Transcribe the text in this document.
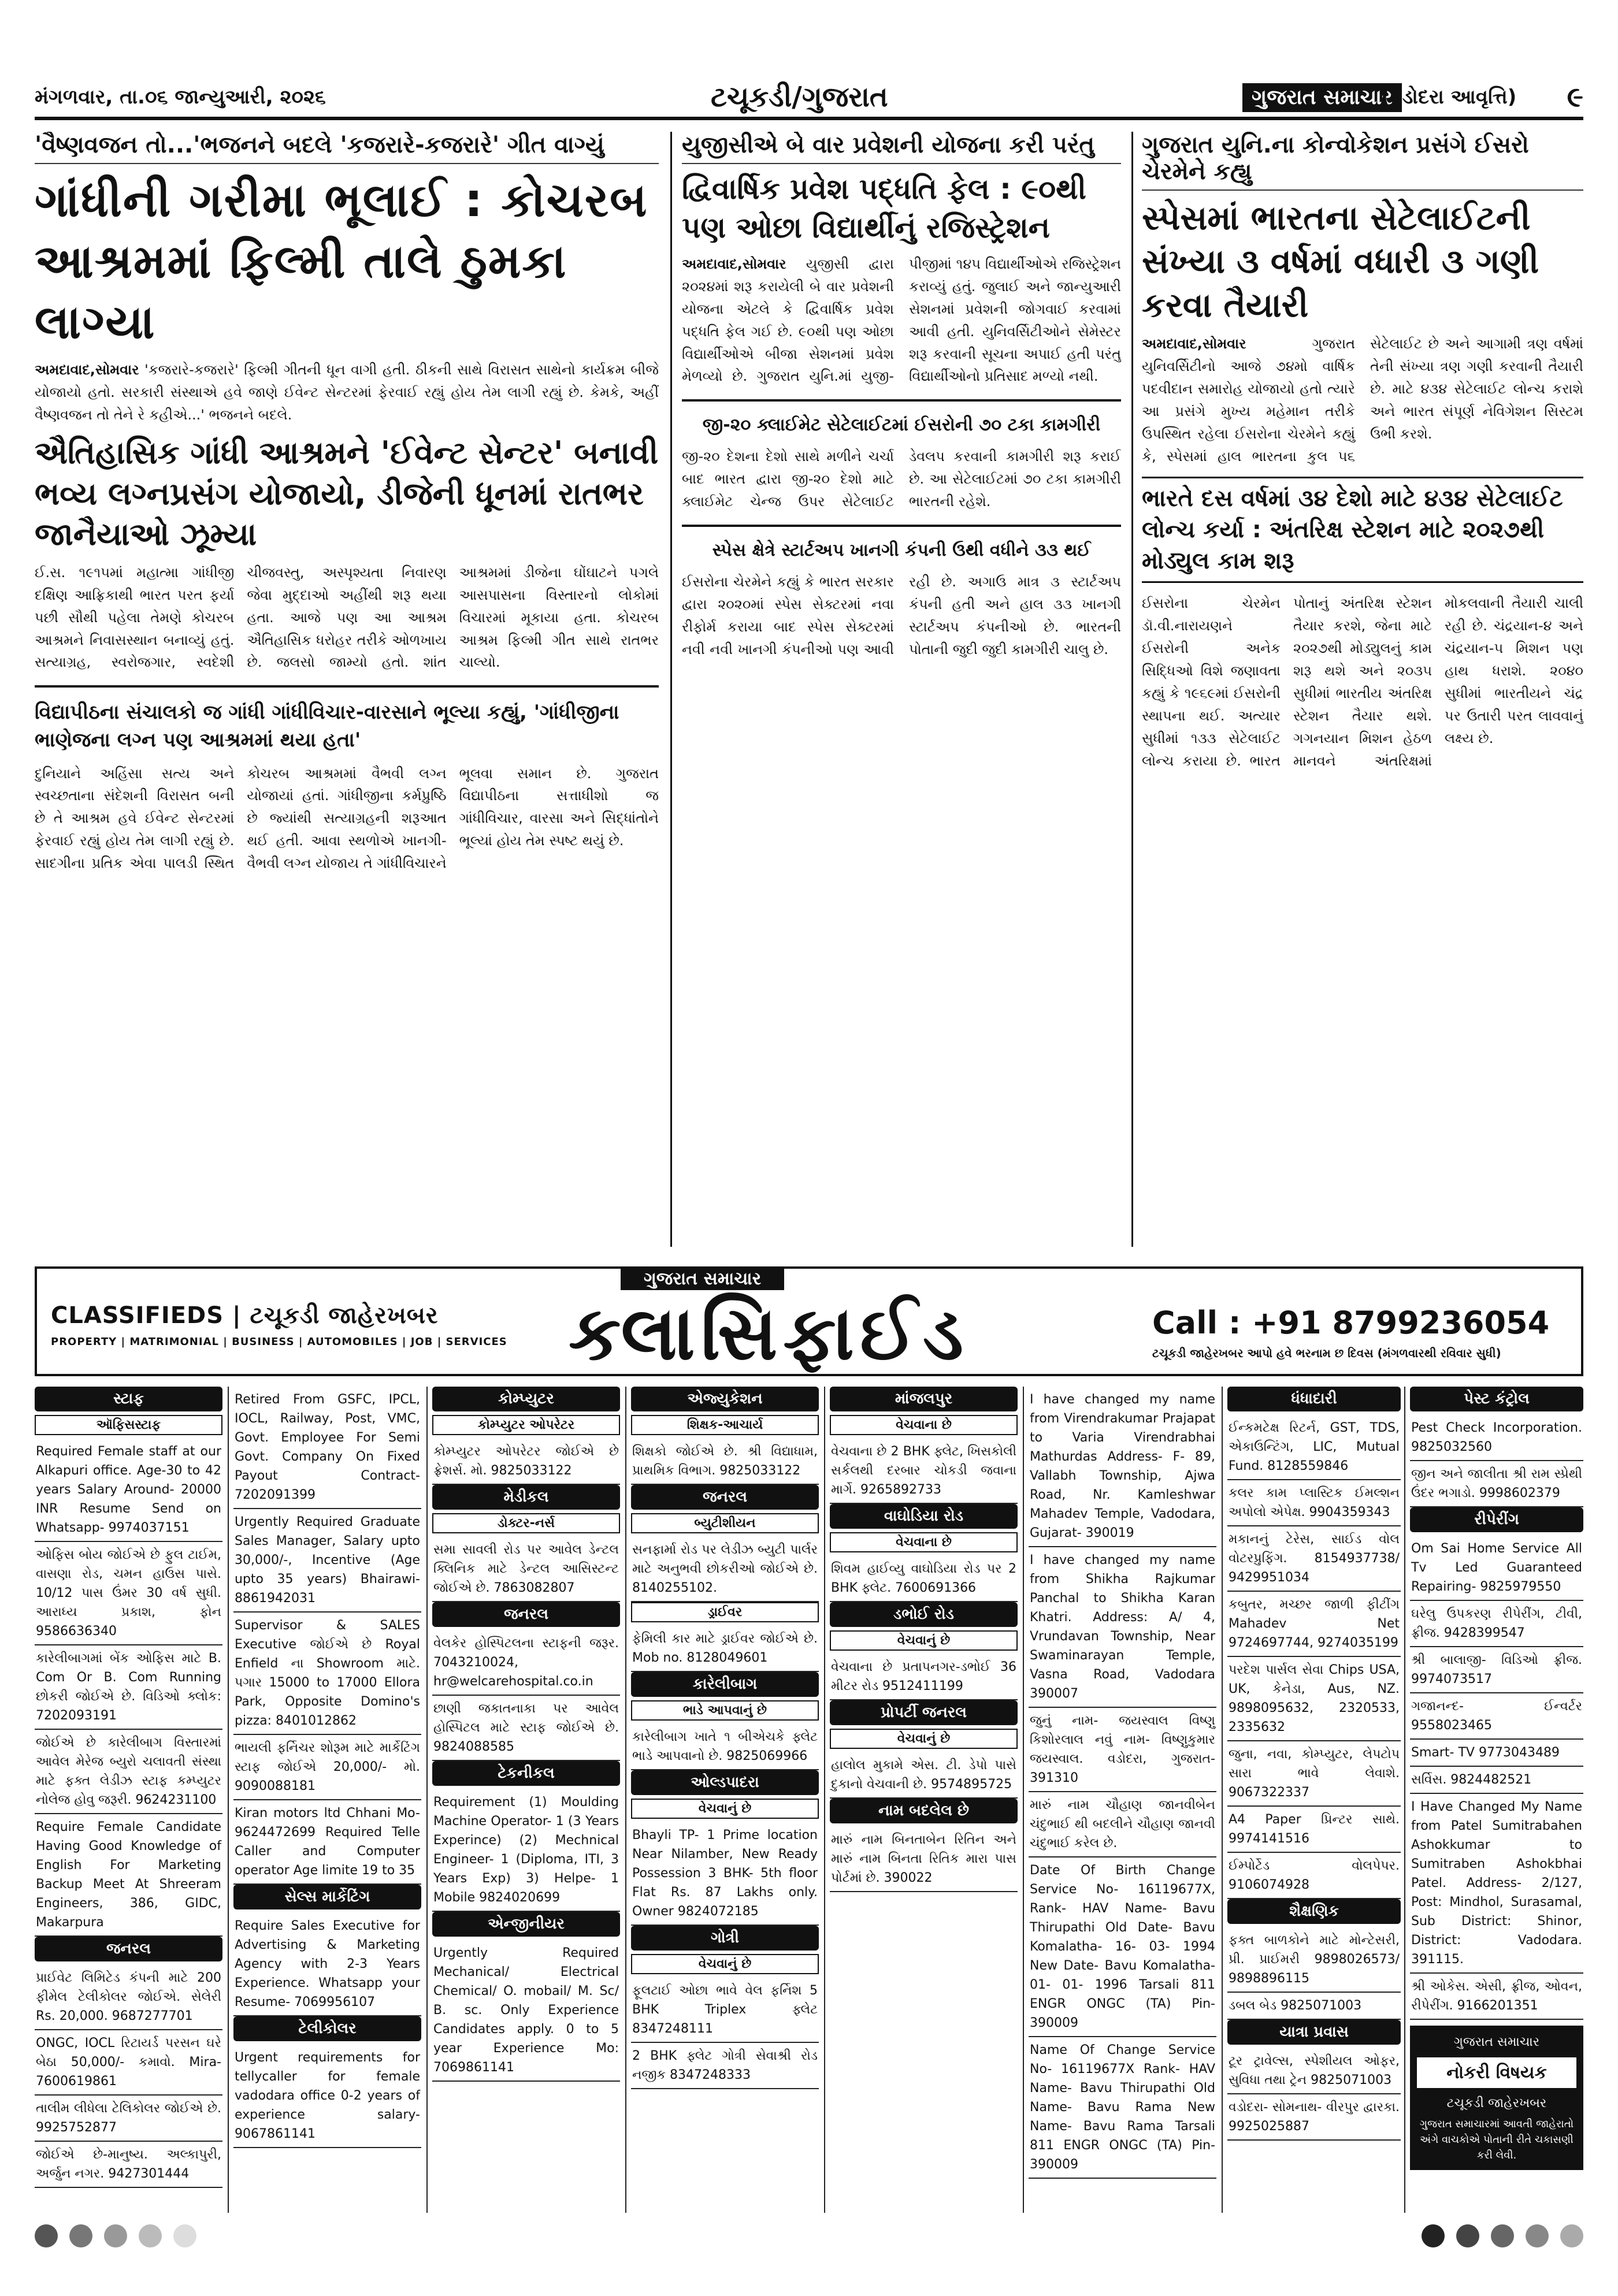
મંગળવાર, તા.૦૬ જાન્યુઆરી, ૨૦૨૬	ટચૂકડી/ગુજરાત	ગુજરાત સમાચાર
(વડોદરા આવૃત્તિ) ૯
'વૈષ્ણવજન તો...'ભજનને બદલે 'કજરારે-કજરારે' ગીત વાગ્યું
ગાંધીની ગરીમા ભૂલાઈ : કોચરબ આશ્રમમાં ફિલ્મી તાલે ઠુમકા લાગ્યા
અમદાવાદ,સોમવાર 'કજરારે-કજરારે' ફિલ્મી ગીતની ધૂન વાગી હતી. ઠીકની સાથે વિરાસત સાથેનો કાર્યક્રમ બીજે યોજાયો હતો. સરકારી સંસ્થાએ હવે જાણે ઈવેન્ટ સેન્ટરમાં ફેરવાઈ રહ્યું હોય તેમ લાગી રહ્યું છે. કેમકે, અહીં વૈષ્ણવજન તો તેને રે કહીએ...' ભજનને બદલે.
ઐતિહાસિક ગાંધી આશ્રમને 'ઈવેન્ટ સેન્ટર' બનાવી ભવ્ય લગ્નપ્રસંગ યોજાયો, ડીજેની ધૂનમાં રાતભર જાનૈયાઓ ઝૂમ્યા
ઈ.સ. ૧૯૧૫માં મહાત્મા ગાંધીજી દક્ષિણ આફ્રિકાથી ભારત પરત ફર્યા પછી સૌથી પહેલા તેમણે કોચરબ આશ્રમને નિવાસસ્થાન બનાવ્યું હતું. સત્યાગ્રહ, સ્વરોજગાર, સ્વદેશી ચીજવસ્તુ, અસ્પૃશ્યતા નિવારણ જેવા મુદ્દાઓ અહીંથી શરૂ થયા હતા. આજે પણ આ આશ્રમ ઐતિહાસિક ધરોહર તરીકે ઓળખાય છે. જલસો જામ્યો હતો. શાંત આશ્રમમાં ડીજેના ઘોંઘાટને પગલે આસપાસના વિસ્તારનો લોકોમાં વિચારમાં મૂકાયા હતા. કોચરબ આશ્રમ ફિલ્મી ગીત સાથે રાતભર ચાલ્યો.
વિદ્યાપીઠના સંચાલકો જ ગાંધી ગાંધીવિચાર-વારસાને ભૂલ્યા કહ્યું, 'ગાંધીજીના ભાણેજના લગ્ન પણ આશ્રમમાં થયા હતા'
દુનિયાને અહિંસા સત્ય અને સ્વચ્છતાના સંદેશની વિરાસત બની છે તે આશ્રમ હવે ઈવેન્ટ સેન્ટરમાં ફેરવાઈ રહ્યું હોય તેમ લાગી રહ્યું છે. સાદગીના પ્રતિક એવા પાલડી સ્થિત કોચરબ આશ્રમમાં વૈભવી લગ્ન યોજાયાં હતાં. ગાંધીજીના કર્મપ્રુષ્ઠિ છે જ્યાંથી સત્યાગ્રહની શરૂઆત થઈ હતી. આવા સ્થળોએ ખાનગી-વૈભવી લગ્ન યોજાય તે ગાંધીવિચારને ભૂલવા સમાન છે. ગુજરાત વિદ્યાપીઠના સત્તાધીશો જ ગાંધીવિચાર, વારસા અને સિદ્ધાંતોને ભૂલ્યાં હોય તેમ સ્પષ્ટ થયું છે.
યુજીસીએ બે વાર પ્રવેશની યોજના કરી પરંતુ
દ્વિવાર્ષિક પ્રવેશ પદ્ધતિ ફેલ : ૯૦થી પણ ઓછા વિદ્યાર્થીનું રજિસ્ટ્રેશન
અમદાવાદ,સોમવાર યુજીસી દ્વારા ૨૦૨૪માં શરૂ કરાયેલી બે વાર પ્રવેશની યોજના એટલે કે દ્વિવાર્ષિક પ્રવેશ પદ્ધતિ ફેલ ગઈ છે. ૯૦થી પણ ઓછા વિદ્યાર્થીઓએ બીજા સેશનમાં પ્રવેશ મેળવ્યો છે. ગુજરાત યુનિ.માં યુજી-પીજીમાં ૧૪૫ વિદ્યાર્થીઓએ રજિસ્ટ્રેશન કરાવ્યું હતું. જુલાઈ અને જાન્યુઆરી સેશનમાં પ્રવેશની જોગવાઈ કરવામાં આવી હતી. યુનિવર્સિટીઓને સેમેસ્ટર શરૂ કરવાની સૂચના અપાઈ હતી પરંતુ વિદ્યાર્થીઓનો પ્રતિસાદ મળ્યો નથી.
જી-૨૦ ક્લાઈમેટ સેટેલાઈટમાં ઈસરોની ૭૦ ટકા કામગીરી
જી-૨૦ દેશના દેશો સાથે મળીને ચર્ચા બાદ ભારત દ્વારા જી-૨૦ દેશો માટે ક્લાઈમેટ ચેન્જ ઉપર સેટેલાઈટ ડેવલપ કરવાની કામગીરી શરૂ કરાઈ છે. આ સેટેલાઈટમાં ૭૦ ટકા કામગીરી ભારતની રહેશે.
સ્પેસ ક્ષેત્રે સ્ટાર્ટઅપ ખાનગી કંપની ઉથી વધીને ૩૩ થઈ
ઈસરોના ચેરમેને કહ્યું કે ભારત સરકાર દ્વારા ૨૦૨૦માં સ્પેસ સેક્ટરમાં નવા રીફોર્મ કરાયા બાદ સ્પેસ સેક્ટરમાં નવી નવી ખાનગી કંપનીઓ પણ આવી રહી છે. અગાઉ માત્ર ૩ સ્ટાર્ટઅપ કંપની હતી અને હાલ ૩૩ ખાનગી સ્ટાર્ટઅપ કંપનીઓ છે. ભારતની પોતાની જુદી જુદી કામગીરી ચાલુ છે.
ગુજરાત યુનિ.ના કોન્વોકેશન પ્રસંગે ઈસરો ચેરમેને કહ્યુ
સ્પેસમાં ભારતના સેટેલાઈટની સંખ્યા ૩ વર્ષમાં વધારી ૩ ગણી કરવા તૈયારી
અમદાવાદ,સોમવાર	ગુજરાત યુનિવર્સિટીનો આજે ૭૪મો વાર્ષિક પદવીદાન સમારોહ યોજાયો હતો ત્યારે આ પ્રસંગે મુખ્ય મહેમાન તરીકે ઉપસ્થિત રહેલા ઈસરોના ચેરમેને કહ્યું કે, સ્પેસમાં હાલ ભારતના કુલ ૫૬ સેટેલાઈટ છે અને આગામી ત્રણ વર્ષમાં તેની સંખ્યા ત્રણ ગણી કરવાની તૈયારી છે. માટે ૪૩૪ સેટેલાઈટ લોન્ચ કરાશે અને ભારત સંપૂર્ણ નેવિગેશન સિસ્ટમ ઉભી કરશે.
ભારતે દસ વર્ષમાં ૩૪ દેશો માટે ૪૩૪ સેટેલાઈટ લોન્ચ કર્યા : અંતરિક્ષ સ્ટેશન માટે ૨૦૨૭થી મોડ્યુલ કામ શરૂ
ઈસરોના ચેરમેન ડૉ.વી.નારાયણને ઈસરોની અનેક સિદ્ધિઓ વિશે જણાવતા કહ્યું કે ૧૯૬૯માં ઈસરોની સ્થાપના થઈ. અત્યાર સુધીમાં ૧૩૩ સેટેલાઈટ લોન્ચ કરાયા છે. ભારત પોતાનું અંતરિક્ષ સ્ટેશન તૈયાર કરશે, જેના માટે ૨૦૨૭થી મોડ્યુલનું કામ શરૂ થશે અને ૨૦૩૫ સુધીમાં ભારતીય અંતરિક્ષ સ્ટેશન તૈયાર થશે. ગગનયાન મિશન હેઠળ માનવને અંતરિક્ષમાં મોકલવાની તૈયારી ચાલી રહી છે. ચંદ્રયાન-૪ અને ચંદ્રયાન-૫ મિશન પણ હાથ ધરાશે. ૨૦૪૦ સુધીમાં ભારતીયને ચંદ્ર પર ઉતારી પરત લાવવાનું લક્ષ્ય છે.
ગુજરાત સમાચાર
CLASSIFIEDS | ટચૂકડી જાહેરખબર
PROPERTY | MATRIMONIAL | BUSINESS | AUTOMOBILES | JOB | SERVICES ક્લાસિફાઈડ	Call : +91 8799236054
ટચૂકડી જાહેરખબર આપો હવે ભરનામ છ દિવસ (મંગળવારથી રવિવાર સુધી)
સ્ટાફ
ઑફિસસ્ટાફ
Required Female staff at our Alkapuri office. Age-30 to 42 years Salary Around- 20000 INR Resume Send on Whatsapp- 9974037151
ઓફિસ બોય જોઈએ છે ફુલ ટાઈમ, વાસણા રોડ, ચમન હાઉસ પાસે. 10/12 પાસ ઉંમર 30 વર્ષ સુધી. આરાધ્ય પ્રકાશ, ફોન 9586636340
કારેલીબાગમાં બેંક ઓફિસ માટે B. Com Or B. Com Running છોકરી જોઈએ છે. વિડિઓ ક્લોક: 7202093191
જોઈએ છે કારેલીબાગ વિસ્તારમાં આવેલ મેરેજ બ્યુરો ચલાવતી સંસ્થા માટે ફક્ત લેડીઝ સ્ટાફ કમ્પ્યુટર નોલેજ હોવુ જરૂરી. 9624231100
Require Female Candidate Having Good Knowledge of English For Marketing Backup Meet At Shreeram Engineers, 386, GIDC, Makarpura
જનરલ
પ્રાઈવેટ લિમિટેડ કંપની માટે 200 ફીમેલ ટેલીકોલર જોઈએ. સેલેરી Rs. 20,000. 9687277701
ONGC, IOCL રિટાયર્ડ પરસન ઘરે બેઠા 50,000/- કમાવો. Mira- 7600619861
તાલીમ લીધેલા ટેલિકોલર જોઈએ છે. 9925752877
જોઈએ છે-માનુષ્ય. અલ્કાપુરી, અર્જુન નગર. 9427301444
Retired From GSFC, IPCL, IOCL, Railway, Post, VMC, Govt. Employee For Semi Govt. Company On Fixed Payout Contract- 7202091399
Urgently Required Graduate Sales Manager, Salary upto 30,000/-, Incentive (Age upto 35 years) Bhairawi- 8861942031
Supervisor & SALES Executive જોઈએ છે Royal Enfield ના Showroom માટે. પગાર 15000 to 17000 Ellora Park, Opposite Domino's pizza: 8401012862
ભાયલી ફર્નિચર શોરૂમ માટે માર્કેટિંગ સ્ટાફ જોઈએ 20,000/- મો. 9090088181
Kiran motors ltd Chhani Mo- 9624472699 Required Telle Caller and Computer operator Age limite 19 to 35
સેલ્સ માર્કેટિંગ
Require Sales Executive for Advertising & Marketing Agency with 2-3 Years Experience. Whatsapp your Resume- 7069956107
ટેલીકોલર
Urgent requirements for tellycaller for female vadodara office 0-2 years of experience salary- 9067861141
કોમ્પ્યુટર
કોમ્પ્યુટર ઓપરેટર
કોમ્પ્યુટર ઓપરેટર જોઈએ છે ફ્રેશર્સ. મો. 9825033122
મેડીકલ
ડોક્ટર-નર્સ
સમા સાવલી રોડ પર આવેલ ડેન્ટલ ક્લિનિક માટે ડેન્ટલ આસિસ્ટન્ટ જોઈએ છે. 7863082807
જનરલ
વેલકેર હોસ્પિટલના સ્ટાફની જરૂર. 7043210024, hr@welcarehospital.co.in
છાણી જકાતનાકા પર આવેલ હોસ્પિટલ માટે સ્ટાફ જોઈએ છે. 9824088585
ટેકનીકલ
Requirement (1) Moulding Machine Operator- 1 (3 Years Experince) (2) Mechnical Engineer- 1 (Diploma, ITI, 3 Years Exp) 3) Helpe- 1 Mobile 9824020699
એન્જીનીયર
Urgently Required Mechanical/ Electrical Chemical/ O. mobail/ M. Sc/ B. sc. Only Experience Candidates apply. 0 to 5 year Experience Mo: 7069861141
એજ્યુકેશન
શિક્ષક-આચાર્ય
શિક્ષકો જોઈએ છે. શ્રી વિદ્યાધામ, પ્રાથમિક વિભાગ. 9825033122
જનરલ
બ્યુટીશીયન
સનફાર્મા રોડ પર લેડીઝ બ્યુટી પાર્લર માટે અનુભવી છોકરીઓ જોઈએ છે. 8140255102.
ડ્રાઈવર
ફેમિલી કાર માટે ડ્રાઈવર જોઈએ છે. Mob no. 8128049601
કારેલીબાગ
ભાડે આપવાનું છે
કારેલીબાગ ખાતે ૧ બીએચકે ફ્લેટ ભાડે આપવાનો છે. 9825069966
ઓલ્ડપાદરા
વેચવાનું છે
Bhayli TP- 1 Prime location Near Nilamber, New Ready Possession 3 BHK- 5th floor Flat Rs. 87 Lakhs only. Owner 9824072185
ગોત્રી
વેચવાનું છે
ફૂલટાઈ ઓછા ભાવે વેલ ફર્નિશ 5 BHK Triplex ફ્લેટ 8347248111
2 BHK ફ્લેટ ગોત્રી સેવાશ્રી રોડ નજીક 8347248333
માંજલપુર
વેચવાના છે
વેચવાના છે 2 BHK ફ્લેટ, ખિસકોલી સર્કલથી દરબાર ચોકડી જવાના માર્ગે. 9265892733
વાઘોડિયા રોડ
વેચવાના છે
શિવમ હાઈવ્યુ વાઘોડિયા રોડ પર 2 BHK ફ્લેટ. 7600691366
ડભોઈ રોડ
વેચવાનું છે
વેચવાના છે પ્રતાપનગર-ડભોઈ 36 મીટર રોડ 9512411199
પ્રોપર્ટી જનરલ
વેચવાનું છે
હાલોલ મુકામે એસ. ટી. ડેપો પાસે દુકાનો વેચવાની છે. 9574895725
નામ બદલેલ છે
મારું નામ બિનતાબેન રિતિન અને મારું નામ બિનતા રિતિક મારા પાસ પોર્ટમાં છે. 390022
I have changed my name from Virendrakumar Prajapat to Varia Virendrabhai Mathurdas Address- F- 89, Vallabh Township, Ajwa Road, Nr. Kamleshwar Mahadev Temple, Vadodara, Gujarat- 390019
I have changed my name from Shikha Rajkumar Panchal to Shikha Karan Khatri. Address: A/ 4, Vrundavan Township, Near Swaminarayan Temple, Vasna Road, Vadodara 390007
જુનું નામ- જયસ્વાલ વિષ્ણુ કિશોરલાલ નવું નામ- વિષ્ણુકુમાર જયસ્વાલ. વડોદરા, ગુજરાત- 391310
મારું નામ ચૌહાણ જાનવીબેન ચંદુભાઈ થી બદલીને ચૌહાણ જાનવી ચંદુભાઈ કરેલ છે.
Date Of Birth Change Service No- 16119677X, Rank- HAV Name- Bavu Thirupathi Old Date- Bavu Komalatha- 16- 03- 1994 New Date- Bavu Komalatha- 01- 01- 1996 Tarsali 811 ENGR ONGC (TA) Pin- 390009
Name Of Change Service No- 16119677X Rank- HAV Name- Bavu Thirupathi Old Name- Bavu Rama New Name- Bavu Rama Tarsali 811 ENGR ONGC (TA) Pin- 390009
ધંધાદારી
ઈન્કમટેક્ષ રિટર્ન, GST, TDS, એકાઉન્ટિંગ, LIC, Mutual Fund. 8128559846
કલર કામ પ્લાસ્ટિક ઈમલ્શન અપોલો એપેક્ષ. 9904359343
મકાનનું ટેરેસ, સાઈડ વોલ વોટરપ્રુફિંગ. 8154937738/ 9429951034
કબુતર, મચ્છર જાળી ફીટીંગ Mahadev Net 9724697744, 9274035199
પરદેશ પાર્સલ સેવા Chips USA, UK, કેનેડા, Aus, NZ. 9898095632, 2320533, 2335632
જુના, નવા, કોમ્પ્યુટર, લેપટોપ સારા ભાવે લેવાશે. 9067322337
A4 Paper પ્રિન્ટર સાથે. 9974141516
ઈમ્પોર્ટેડ વોલપેપર. 9106074928
શૈક્ષણિક
ફક્ત બાળકોને માટે મોન્ટેસરી, પ્રી. પ્રાઈમરી 9898026573/ 9898896115
ડબલ બેડ 9825071003
યાત્રા પ્રવાસ
ટૂર ટ્રાવેલ્સ, સ્પેશીયલ ઓફર, સુવિધા તથા ટ્રેન 9825071003
વડોદરા- સોમનાથ- વીરપુર દ્વારકા. 9925025887
પેસ્ટ કંટ્રોલ
Pest Check Incorporation. 9825032560
જીન અને જાલીતા શ્રી રામ સ્પ્રેથી ઉંદર ભગાડો. 9998602379
રીપેરીંગ
Om Sai Home Service All Tv Led Guaranteed Repairing- 9825979550
ઘરેલુ ઉપકરણ રીપેરીંગ, ટીવી, ફ્રીજ. 9428399547
શ્રી બાલાજી- વિડિઓ ફ્રીજ. 9974073517
ગજાનન્દ- ઈન્વર્ટર 9558023465
Smart- TV 9773043489
સર્વિસ. 9824482521
I Have Changed My Name from Patel Sumitrabahen Ashokkumar to Sumitraben Ashokbhai Patel. Address- 2/127, Post: Mindhol, Surasamal, Sub District: Shinor, District: Vadodara. 391115.
શ્રી ઓકેસ. એસી, ફ્રીજ, ઓવન, રીપેરીંગ. 9166201351
ગુજરાત સમાચાર
નોકરી વિષયક
ટચૂકડી જાહેરખબર
ગુજરાત સમાચારમાં આવતી જાહેરાતો અંગે વાચકોએ પોતાની રીતે ચકાસણી કરી લેવી.
